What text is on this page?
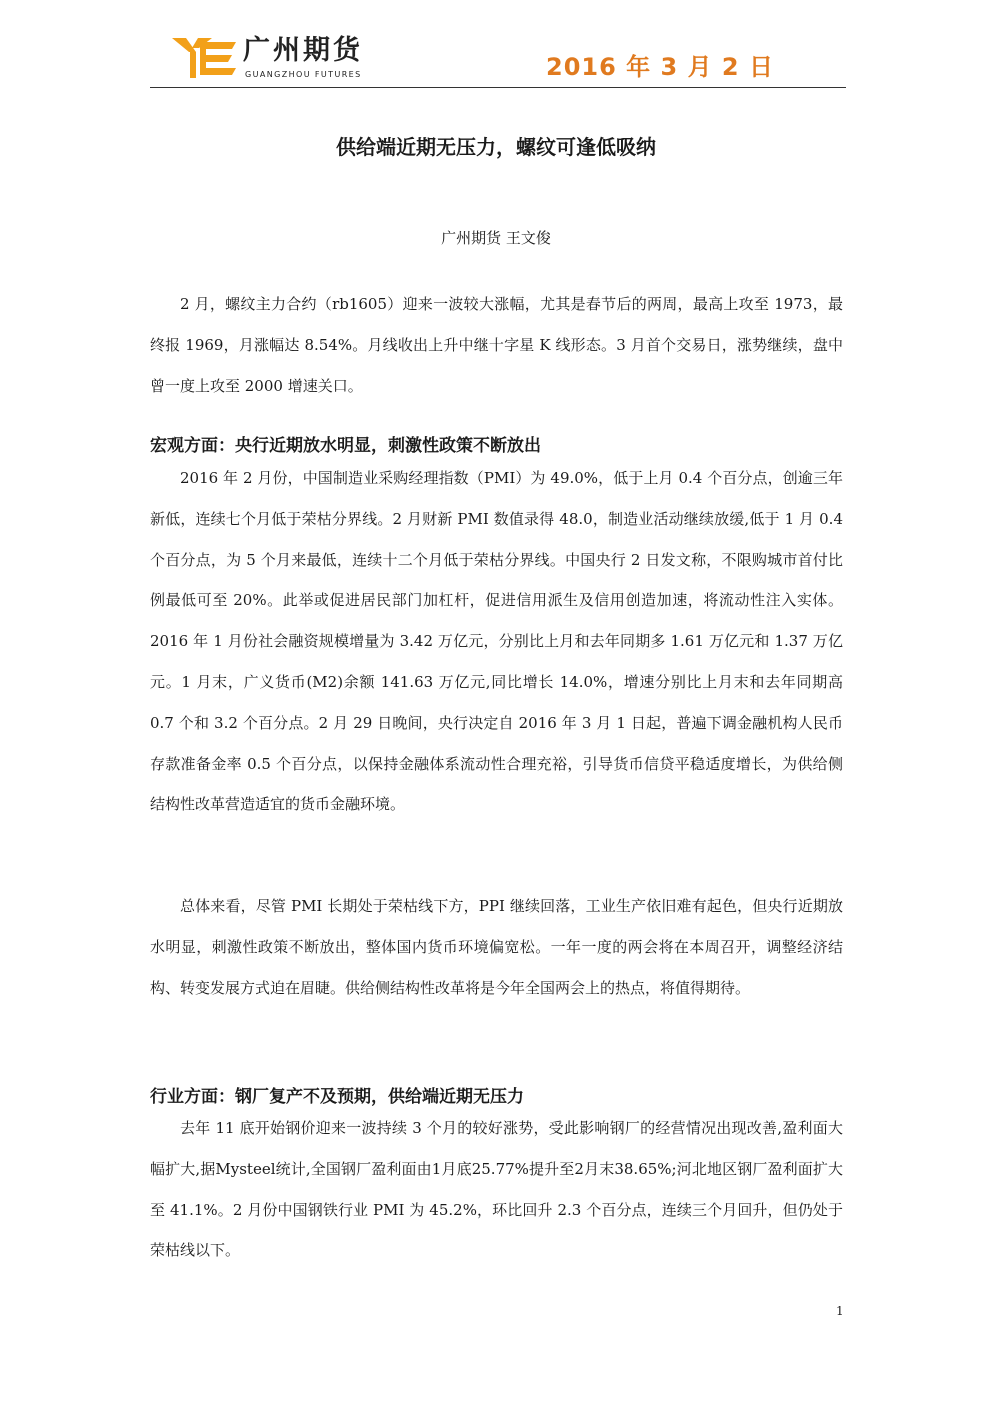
广州期货
GUANGZHOU FUTURES	2016 年 3 月 2 日
供给端近期无压力，螺纹可逢低吸纳
广州期货 王文俊

2 月，螺纹主力合约（rb1605）迎来一波较大涨幅，尤其是春节后的两周，最高上攻至 1973，最终报 1969，月涨幅达 8.54%。月线收出上升中继十字星 K 线形态。3 月首个交易日，涨势继续，盘中曾一度上攻至 2000 增速关口。

宏观方面：央行近期放水明显，刺激性政策不断放出

2016 年 2 月份，中国制造业采购经理指数（PMI）为 49.0%，低于上月 0.4 个百分点，创逾三年新低，连续七个月低于荣枯分界线。2 月财新 PMI 数值录得 48.0，制造业活动继续放缓,低于 1 月 0.4 个百分点，为 5 个月来最低，连续十二个月低于荣枯分界线。中国央行 2 日发文称，不限购城市首付比例最低可至 20%。此举或促进居民部门加杠杆，促进信用派生及信用创造加速，将流动性注入实体。2016 年 1 月份社会融资规模增量为 3.42 万亿元，分别比上月和去年同期多 1.61 万亿元和 1.37 万亿元。1 月末，广义货币(M2)余额 141.63 万亿元,同比增长 14.0%，增速分别比上月末和去年同期高 0.7 个和 3.2 个百分点。2 月 29 日晚间，央行决定自 2016 年 3 月 1 日起，普遍下调金融机构人民币存款准备金率 0.5 个百分点，以保持金融体系流动性合理充裕，引导货币信贷平稳适度增长，为供给侧结构性改革营造适宜的货币金融环境。

总体来看，尽管 PMI 长期处于荣枯线下方，PPI 继续回落，工业生产依旧难有起色，但央行近期放水明显，刺激性政策不断放出，整体国内货币环境偏宽松。一年一度的两会将在本周召开，调整经济结构、转变发展方式迫在眉睫。供给侧结构性改革将是今年全国两会上的热点，将值得期待。

行业方面：钢厂复产不及预期，供给端近期无压力

去年 11 底开始钢价迎来一波持续 3 个月的较好涨势，受此影响钢厂的经营情况出现改善,盈利面大幅扩大,据Mysteel统计,全国钢厂盈利面由1月底25.77%提升至2月末38.65%;河北地区钢厂盈利面扩大至 41.1%。2 月份中国钢铁行业 PMI 为 45.2%，环比回升 2.3 个百分点，连续三个月回升，但仍处于荣枯线以下。

1
